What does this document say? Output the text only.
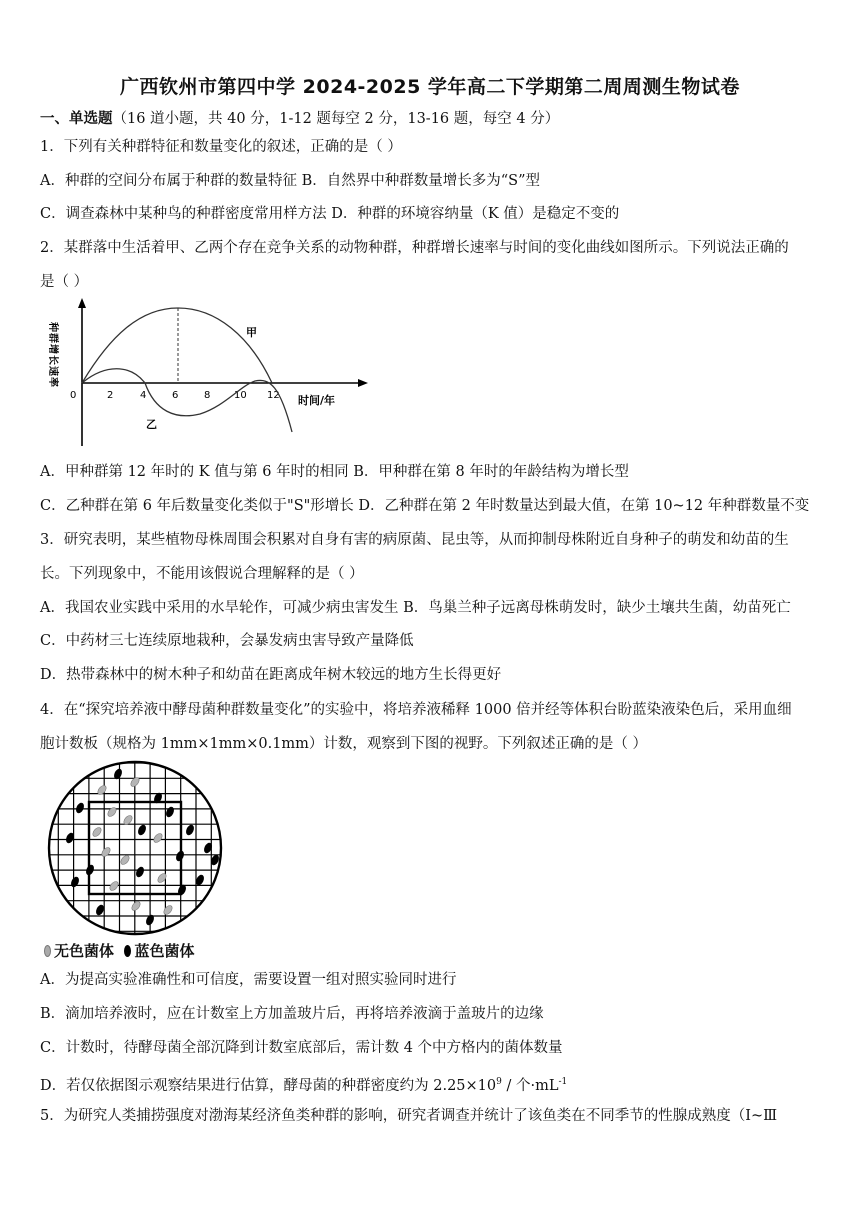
广西钦州市第四中学 2024-2025 学年高二下学期第二周周测生物试卷
一、单选题（16 道小题，共 40 分，1-12 题每空 2 分，13-16 题，每空 4 分）
1．下列有关种群特征和数量变化的叙述，正确的是（ ）
A．种群的空间分布属于种群的数量特征 B．自然界中种群数量增长多为“S”型
C．调查森林中某种鸟的种群密度常用样方法 D．种群的环境容纳量（K 值）是稳定不变的
2．某群落中生活着甲、乙两个存在竞争关系的动物种群，种群增长速率与时间的变化曲线如图所示。下列说法正确的
是（ ）
种群增长速率
0	2	4	6	8 10 12 时间/年
甲
乙
A．甲种群第 12 年时的 K 值与第 6 年时的相同 B．甲种群在第 8 年时的年龄结构为增长型
C．乙种群在第 6 年后数量变化类似于"S"形增长 D．乙种群在第 2 年时数量达到最大值，在第 10~12 年种群数量不变
3．研究表明，某些植物母株周围会积累对自身有害的病原菌、昆虫等，从而抑制母株附近自身种子的萌发和幼苗的生
长。下列现象中，不能用该假说合理解释的是（ ）
A．我国农业实践中采用的水旱轮作，可减少病虫害发生 B．鸟巢兰种子远离母株萌发时，缺少土壤共生菌，幼苗死亡
C．中药材三七连续原地栽种，会暴发病虫害导致产量降低
D．热带森林中的树木种子和幼苗在距离成年树木较远的地方生长得更好
4．在“探究培养液中酵母菌种群数量变化”的实验中，将培养液稀释 1000 倍并经等体积台盼蓝染液染色后，采用血细
胞计数板（规格为 1mm×1mm×0.1mm）计数，观察到下图的视野。下列叙述正确的是（ ）
无色菌体 蓝色菌体
A．为提高实验准确性和可信度，需要设置一组对照实验同时进行
B．滴加培养液时，应在计数室上方加盖玻片后，再将培养液滴于盖玻片的边缘
C．计数时，待酵母菌全部沉降到计数室底部后，需计数 4 个中方格内的菌体数量
D．若仅依据图示观察结果进行估算，酵母菌的种群密度约为 $2.25\times 10^9$ / 个$\cdot mL^{-1}$
5．为研究人类捕捞强度对渤海某经济鱼类种群的影响，研究者调查并统计了该鱼类在不同季节的性腺成熟度（Ⅰ~Ⅲ
